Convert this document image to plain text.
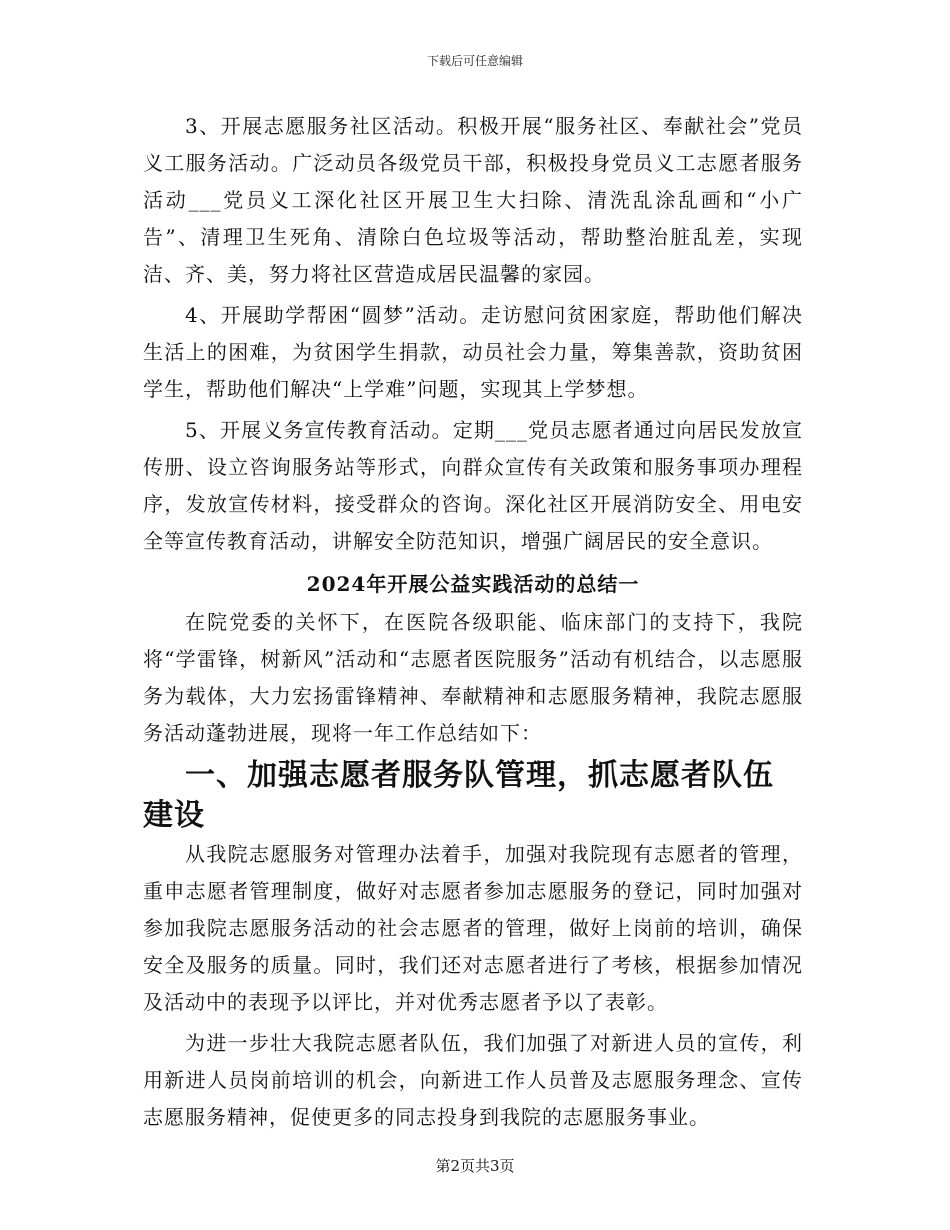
下载后可任意编辑

3、开展志愿服务社区活动。积极开展“服务社区、奉献社会”党员义工服务活动。广泛动员各级党员干部，积极投身党员义工志愿者服务活动___党员义工深化社区开展卫生大扫除、清洗乱涂乱画和“小广告”、清理卫生死角、清除白色垃圾等活动，帮助整治脏乱差，实现洁、齐、美，努力将社区营造成居民温馨的家园。

4、开展助学帮困“圆梦”活动。走访慰问贫困家庭，帮助他们解决生活上的困难，为贫困学生捐款，动员社会力量，筹集善款，资助贫困学生，帮助他们解决“上学难”问题，实现其上学梦想。

5、开展义务宣传教育活动。定期___党员志愿者通过向居民发放宣传册、设立咨询服务站等形式，向群众宣传有关政策和服务事项办理程序，发放宣传材料，接受群众的咨询。深化社区开展消防安全、用电安全等宣传教育活动，讲解安全防范知识，增强广阔居民的安全意识。

2024年开展公益实践活动的总结一

在院党委的关怀下，在医院各级职能、临床部门的支持下，我院将“学雷锋，树新风”活动和“志愿者医院服务”活动有机结合，以志愿服务为载体，大力宏扬雷锋精神、奉献精神和志愿服务精神，我院志愿服务活动蓬勃进展，现将一年工作总结如下：

一、加强志愿者服务队管理，抓志愿者队伍建设

从我院志愿服务对管理办法着手，加强对我院现有志愿者的管理，重申志愿者管理制度，做好对志愿者参加志愿服务的登记，同时加强对参加我院志愿服务活动的社会志愿者的管理，做好上岗前的培训，确保安全及服务的质量。同时，我们还对志愿者进行了考核，根据参加情况及活动中的表现予以评比，并对优秀志愿者予以了表彰。

为进一步壮大我院志愿者队伍，我们加强了对新进人员的宣传，利用新进人员岗前培训的机会，向新进工作人员普及志愿服务理念、宣传志愿服务精神，促使更多的同志投身到我院的志愿服务事业。

第2页共3页
